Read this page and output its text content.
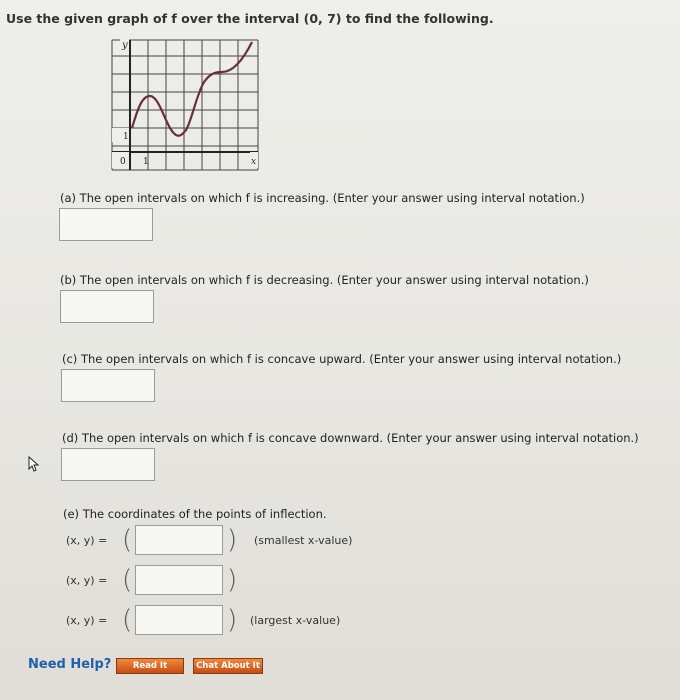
Use the given graph of f over the interval (0, 7) to find the following.
y
1
0 1	x
(a) The open intervals on which f is increasing. (Enter your answer using interval notation.)
(b) The open intervals on which f is decreasing. (Enter your answer using interval notation.)
(c) The open intervals on which f is concave upward. (Enter your answer using interval notation.)
(d) The open intervals on which f is concave downward. (Enter your answer using interval notation.)
(e) The coordinates of the points of inflection.
(x, y) = (	) (smallest x-value)
(x, y) = (	)
(x, y) = (	) (largest x-value)
Need Help?	Read It	Chat About It
